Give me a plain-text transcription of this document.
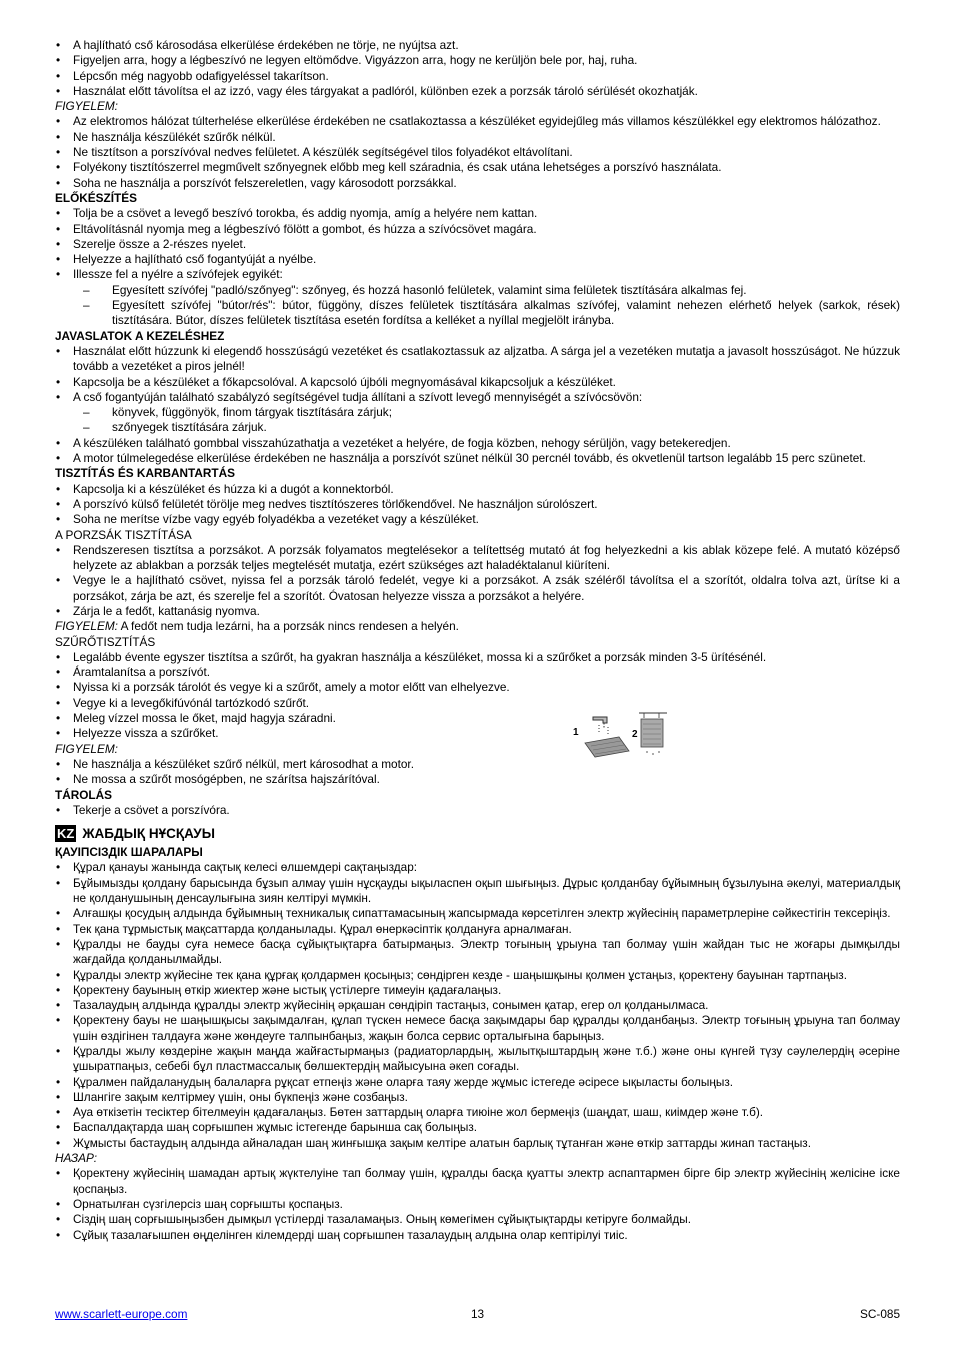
• A hajlítható cső károsodása elkerülése érdekében ne törje, ne nyújtsa azt.
• Figyeljen arra, hogy a légbeszívó ne legyen eltömődve. Vigyázzon arra, hogy ne kerüljön bele por, haj, ruha.
• Lépcsőn még nagyobb odafigyeléssel takarítson.
• Használat előtt távolítsa el az izzó, vagy éles tárgyakat a padlóról, különben ezek a porzsák tároló sérülését okozhatják.
FIGYELEM:
• Az elektromos hálózat túlterhelése elkerülése érdekében ne csatlakoztassa a készüléket egyidejűleg más villamos készülékkel egy elektromos hálózathoz.
• Ne használja készülékét szűrők nélkül.
• Ne tisztítson a porszívóval nedves felületet. A készülék segítségével tilos folyadékot eltávolítani.
• Folyékony tisztítószerrel megművelt szőnyegnek előbb meg kell száradnia, és csak utána lehetséges a porszívó használata.
• Soha ne használja a porszívót felszereletlen, vagy károsodott porzsákkal.
ELŐKÉSZÍTÉS
• Tolja be a csövet a levegő beszívó torokba, és addig nyomja, amíg a helyére nem kattan.
• Eltávolításnál nyomja meg a légbeszívó fölött a gombot, és húzza a szívócsövet magára.
• Szerelje össze a 2-részes nyelet.
• Helyezze a hajlítható cső fogantyúját a nyélbe.
• Illessze fel a nyélre a szívófejek egyikét:
– Egyesített szívófej "padló/szőnyeg": szőnyeg, és hozzá hasonló felületek, valamint sima felületek tisztítására alkalmas fej.
– Egyesített szívófej "bútor/rés": bútor, függöny, díszes felületek tisztítására alkalmas szívófej, valamint nehezen elérhető helyek (sarkok, rések) tisztítására. Bútor, díszes felületek tisztítása esetén fordítsa a kelléket a nyíllal megjelölt irányba.
JAVASLATOK A KEZELÉSHEZ
• Használat előtt húzzunk ki elegendő hosszúságú vezetéket és csatlakoztassuk az aljzatba. A sárga jel a vezetéken mutatja a javasolt hosszúságot. Ne húzzuk tovább a vezetéket a piros jelnél!
• Kapcsolja be a készüléket a főkapcsolóval. A kapcsoló újbóli megnyomásával kikapcsoljuk a készüléket.
• A cső fogantyúján található szabályzó segítségével tudja állítani a szívott levegő mennyiségét a szívócsövön:
– könyvek, függönyök, finom tárgyak tisztítására zárjuk;
– szőnyegek tisztítására zárjuk.
• A készüléken található gombbal visszahúzathatja a vezetéket a helyére, de fogja közben, nehogy sérüljön, vagy betekeredjen.
• A motor túlmelegedése elkerülése érdekében ne használja a porszívót szünet nélkül 30 percnél tovább, és okvetlenül tartson legalább 15 perc szünetet.
TISZTÍTÁS ÉS KARBANTARTÁS
• Kapcsolja ki a készüléket és húzza ki a dugót a konnektorból.
• A porszívó külső felületét törölje meg nedves tisztítószeres törlőkendővel. Ne használjon súrolószert.
• Soha ne merítse vízbe vagy egyéb folyadékba a vezetéket vagy a készüléket.
A PORZSÁK TISZTÍTÁSA
• Rendszeresen tisztítsa a porzsákot. A porzsák folyamatos megtelésekor a telítettség mutató át fog helyezkedni a kis ablak közepe felé. A mutató középső helyzete az ablakban a porzsák teljes megtelését mutatja, ezért szükséges azt haladéktalanul kiüríteni.
• Vegye le a hajlítható csövet, nyissa fel a porzsák tároló fedelét, vegye ki a porzsákot. A zsák széléről távolítsa el a szorítót, oldalra tolva azt, ürítse ki a porzsákot, zárja be azt, és szerelje fel a szorítót. Óvatosan helyezze vissza a porzsákot a helyére.
• Zárja le a fedőt, kattanásig nyomva.
FIGYELEM: A fedőt nem tudja lezárni, ha a porzsák nincs rendesen a helyén.
SZŰRŐTISZTÍTÁS
• Legalább évente egyszer tisztítsa a szűrőt, ha gyakran használja a készüléket, mossa ki a szűrőket a porzsák minden 3-5 ürítésénél.
• Áramtalanítsa a porszívót.
• Nyissa ki a porzsák tárolót és vegye ki a szűrőt, amely a motor előtt van elhelyezve.
• Vegye ki a levegőkifúvónál tartózkodó szűrőt.
• Meleg vízzel mossa le őket, majd hagyja száradni.
• Helyezze vissza a szűrőket.
FIGYELEM:
• Ne használja a készüléket szűrő nélkül, mert károsodhat a motor.
• Ne mossa a szűrőt mosógépben, ne szárítsa hajszárítóval.
TÁROLÁS
• Tekerje a csövet a porszívóra.
KZ ЖАБДЫҚ НҰСҚАУЫ
ҚАУІПСІЗДІК ШАРАЛАРЫ
• Құрал қанауы жанында сақтық келесі өлшемдері сақтаңыздар:
• Бұйымызды қолдану барысында бұзып алмау үшін нұсқауды ықыласпен оқып шығыңыз. Дұрыс қолданбау бұйымның бұзылуына әкелуі, материалдық не қолданушының денсаулығына зиян келтіруі мүмкін.
• Алғашқы қосудың алдында бұйымның техникалық сипаттамасының жапсырмада көрсетілген электр жүйесінің параметрлеріне сәйкестігін тексеріңіз.
• Тек қана тұрмыстық мақсаттарда қолданылады. Құрал өнеркәсіптік қолдануға арналмаған.
• Құралды не бауды суға немесе басқа сұйықтықтарға батырмаңыз. Электр тоғының ұрыуна тап болмау үшін жайдан тыс не жоғары дымқылды жағдайда қолданылмайды.
• Құралды электр жүйесіне тек қана құрғақ қолдармен қосыңыз; сөндірген кезде - шаңышқыны қолмен ұстаңыз, қоректену бауынан тартпаңыз.
• Қоректену бауының өткір жиектер және ыстық үстілерге тимеуін қадағалаңыз.
• Тазалаудың алдында құралды электр жүйесінің әрқашан сөндіріп тастаңыз, сонымен қатар, егер ол қолданылмаса.
• Қоректену бауы не шаңышқысы зақымдалған, құлап түскен немесе басқа зақымдары бар құралды қолданбаңыз. Электр тоғының ұрыуна тап болмау үшін өздігінен талдауға және жөндеуге талпынбаңыз, жақын болса сервис орталығына барыңыз.
• Құралды жылу көздеріне жақын маңда жайғастырмаңыз (радиаторлардың, жылытқыштардың және т.б.) және оны күнгей түзу сәулелердің әсеріне ұшыратпаңыз, себебі бұл пластмассалық бөлшектердің майысуына әкеп соғады.
• Құралмен пайдаланудың балаларға рұқсат етпеңіз және оларға таяу жерде жұмыс істегеде әсіресе ықыласты болыңыз.
• Шлангіге зақым келтірмеу үшін, оны бүкпеңіз және созбаңыз.
• Ауа өткізетін тесіктер бітелмеуін қадағалаңыз. Бөтен заттардың оларға тиюіне жол бермеңіз (шаңдат, шаш, киімдер және т.б).
• Баспалдақтарда шаң сорғышпен жұмыс істегенде барынша сақ болыңыз.
• Жұмысты бастаудың алдында айналадан шаң жинғышқа зақым келтіре алатын барлық тұтанған және өткір заттарды жинап тастаңыз.
НАЗАР:
• Қоректену жүйесінің шамадан артық жүктелуіне тап болмау үшін, құралды басқа қуатты электр аспаптармен бірге бір электр жүйесінің желісіне іске қоспаңыз.
• Орнатылған сүзгілерсіз шаң сорғышты қоспаңыз.
• Сіздің шаң сорғышыңызбен дымқыл үстілерді тазаламаңыз. Оның көмегімен сұйықтықтарды кетіруге болмайды.
• Сұйық тазалағышпен өңделінген кілемдерді шаң сорғышпен тазалаудың алдына олар кептірілуі тиіс.
1	2
www.scarlett-europe.com	13	SC-085
